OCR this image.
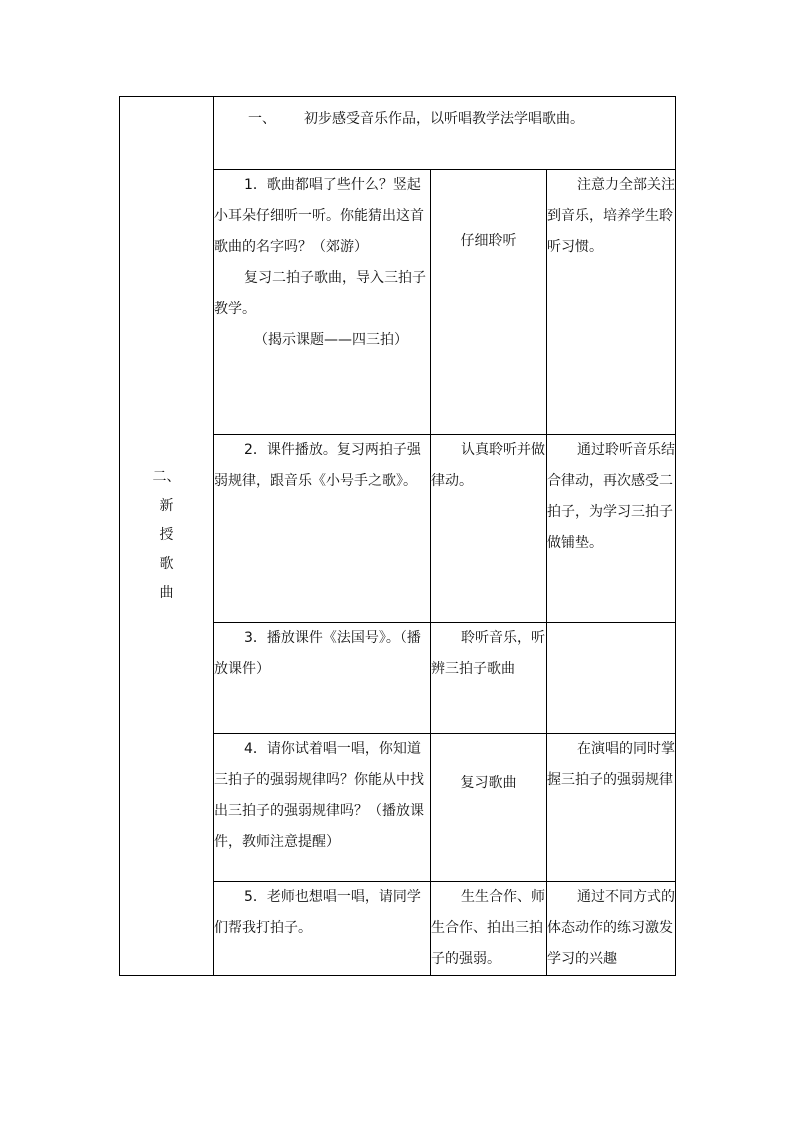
二、
新
授
歌
曲	一、 初步感受音乐作品，以听唱教学法学唱歌曲。		

	1．歌曲都唱了些什么？竖起小耳朵仔细听一听。你能猜出这首歌曲的名字吗？（郊游）

复习二拍子歌曲，导入三拍子教学。

（揭示课题——四三拍）	仔细聆听	注意力全部关注到音乐，培养学生聆听习惯。

	2．课件播放。复习两拍子强弱规律，跟音乐《小号手之歌》。	认真聆听并做律动。	通过聆听音乐结合律动，再次感受二拍子，为学习三拍子做铺垫。

	3．播放课件《法国号》。（播放课件）	聆听音乐，听辨三拍子歌曲	

	4．请你试着唱一唱，你知道三拍子的强弱规律吗？你能从中找出三拍子的强弱规律吗？（播放课件，教师注意提醒）	复习歌曲	在演唱的同时掌握三拍子的强弱规律

	5．老师也想唱一唱，请同学们帮我打拍子。	生生合作、师生合作、拍出三拍子的强弱。	通过不同方式的体态动作的练习激发学习的兴趣
